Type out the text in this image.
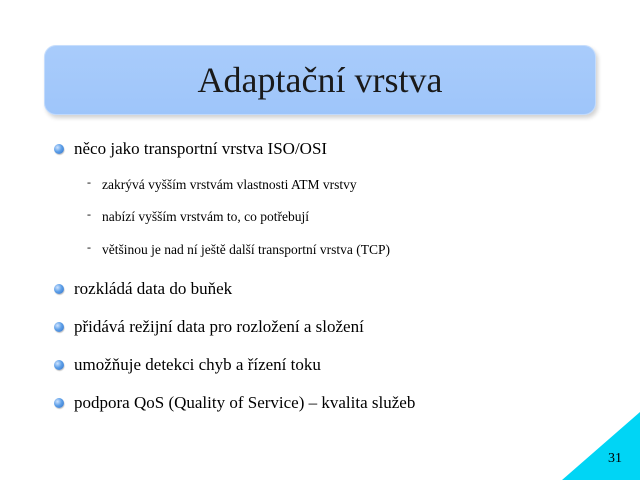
Adaptační vrstva
něco jako transportní vrstva ISO/OSI
- zakrývá vyšším vrstvám vlastnosti ATM vrstvy
- nabízí vyšším vrstvám to, co potřebují
- většinou je nad ní ještě další transportní vrstva (TCP)
rozkládá data do buňek
přidává režijní data pro rozložení a složení
umožňuje detekci chyb a řízení toku
podpora QoS (Quality of Service) – kvalita služeb
31
